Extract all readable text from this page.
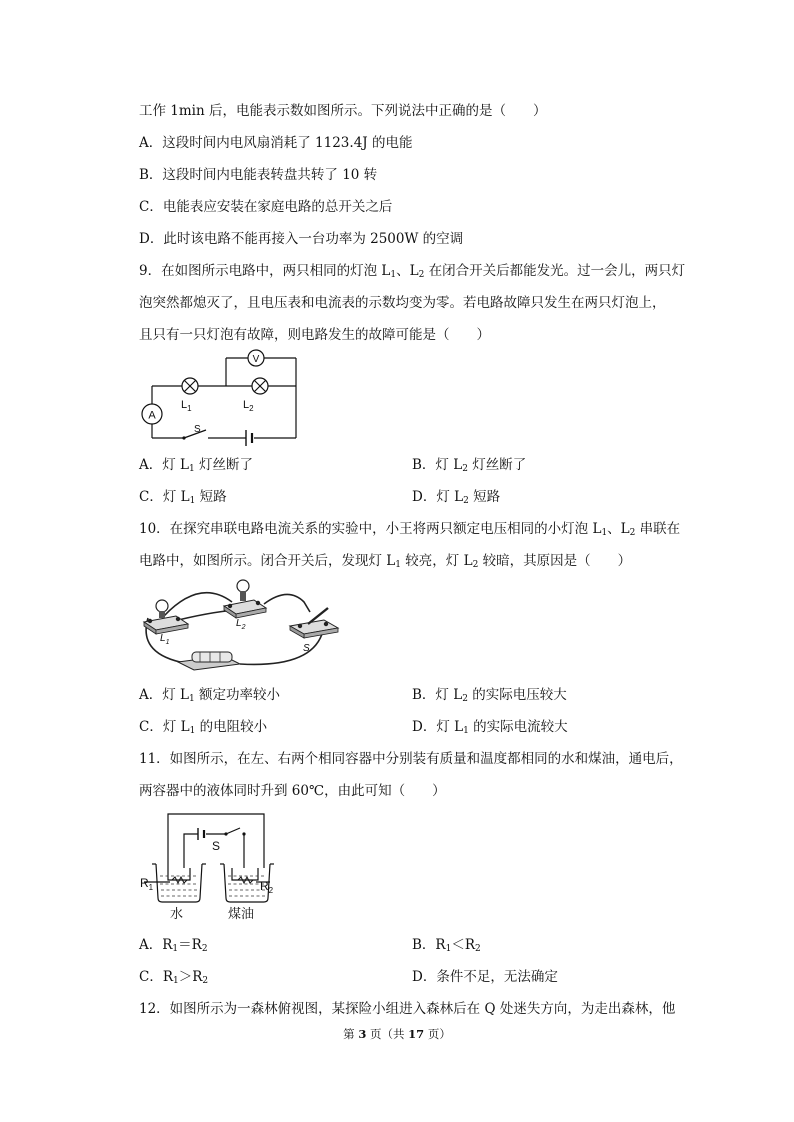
工作 1min 后，电能表示数如图所示。下列说法中正确的是（　　）
A．这段时间内电风扇消耗了 1123.4J 的电能
B．这段时间内电能表转盘共转了 10 转
C．电能表应安装在家庭电路的总开关之后
D．此时该电路不能再接入一台功率为 2500W 的空调
9．在如图所示电路中，两只相同的灯泡 $L_1$、$L_2$ 在闭合开关后都能发光。过一会儿，两只灯
泡突然都熄灭了，且电压表和电流表的示数均变为零。若电路故障只发生在两只灯泡上，
且只有一只灯泡有故障，则电路发生的故障可能是（　　）
A
$L_1$
V
$L_2$
S
A．灯 $L_1$ 灯丝断了	B．灯 $L_2$ 灯丝断了
C．灯 $L_1$ 短路	D．灯 $L_2$ 短路
10．在探究串联电路电流关系的实验中，小王将两只额定电压相同的小灯泡 $L_1$、$L_2$ 串联在
电路中，如图所示。闭合开关后，发现灯 $L_1$ 较亮，灯 $L_2$ 较暗，其原因是（　　）
$L_1$
$L_2$
S
A．灯 $L_1$ 额定功率较小	B．灯 $L_2$ 的实际电压较大
C．灯 $L_1$ 的电阻较小	D．灯 $L_1$ 的实际电流较大
11．如图所示，在左、右两个相同容器中分别装有质量和温度都相同的水和煤油，通电后，
两容器中的液体同时升到 60℃，由此可知（　　）
S
$R_1$	$R_2$
水	煤油
A．$R_1=R_2$	B．$R_1<R_2$
C．$R_1>R_2$	D．条件不足，无法确定
12．如图所示为一森林俯视图，某探险小组进入森林后在 Q 处迷失方向，为走出森林，他
第 3 页（共 17 页）
